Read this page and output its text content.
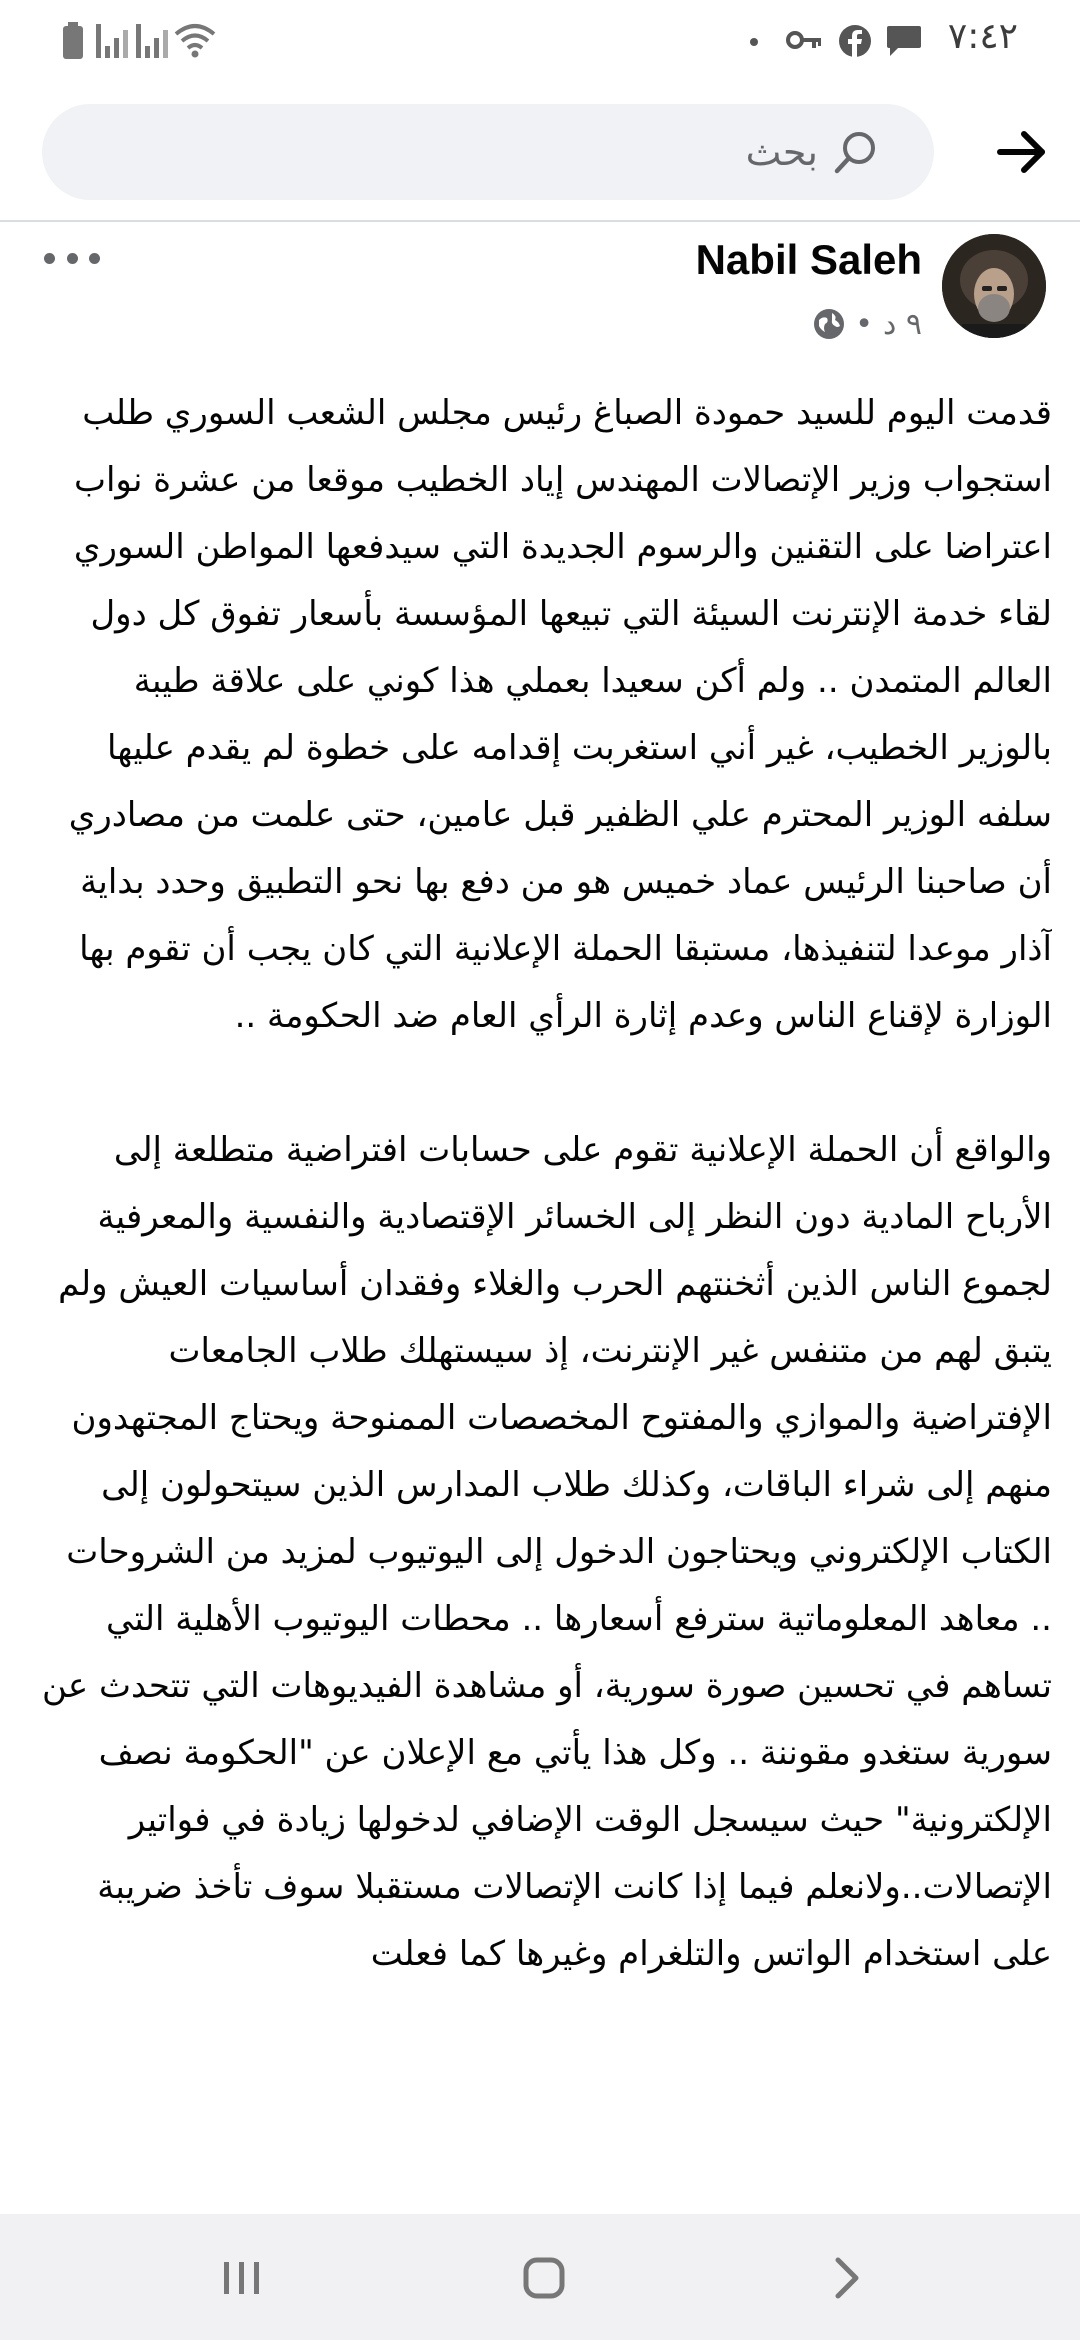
٧:٤٢
بحث
Nabil Saleh
٩ د
•

قدمت اليوم للسيد حمودة الصباغ رئيس مجلس الشعب السوري طلب استجواب وزير الإتصالات المهندس إياد الخطيب موقعا من عشرة نواب اعتراضا على التقنين والرسوم الجديدة التي سيدفعها المواطن السوري لقاء خدمة الإنترنت السيئة التي تبيعها المؤسسة بأسعار تفوق كل دول العالم المتمدن .. ولم أكن سعيدا بعملي هذا كوني على علاقة طيبة بالوزير الخطيب، غير أني استغربت إقدامه على خطوة لم يقدم عليها سلفه الوزير المحترم علي الظفير قبل عامين، حتى علمت من مصادري أن صاحبنا الرئيس عماد خميس هو من دفع بها نحو التطبيق وحدد بداية آذار موعدا لتنفيذها، مستبقا الحملة الإعلانية التي كان يجب أن تقوم بها الوزارة لإقناع الناس وعدم إثارة الرأي العام ضد الحكومة ..

والواقع أن الحملة الإعلانية تقوم على حسابات افتراضية متطلعة إلى الأرباح المادية دون النظر إلى الخسائر الإقتصادية والنفسية والمعرفية لجموع الناس الذين أثخنتهم الحرب والغلاء وفقدان أساسيات العيش ولم يتبق لهم من متنفس غير الإنترنت، إذ سيستهلك طلاب الجامعات الإفتراضية والموازي والمفتوح المخصصات الممنوحة ويحتاج المجتهدون منهم إلى شراء الباقات، وكذلك طلاب المدارس الذين سيتحولون إلى الكتاب الإلكتروني ويحتاجون الدخول إلى اليوتيوب لمزيد من الشروحات .. معاهد المعلوماتية سترفع أسعارها .. محطات اليوتيوب الأهلية التي تساهم في تحسين صورة سورية، أو مشاهدة الفيديوهات التي تتحدث عن سورية ستغدو مقوننة .. وكل هذا يأتي مع الإعلان عن "الحكومة نصف الإلكترونية" حيث سيسجل الوقت الإضافي لدخولها زيادة في فواتير الإتصالات..ولانعلم فيما إذا كانت الإتصالات مستقبلا سوف تأخذ ضريبة على استخدام الواتس والتلغرام وغيرها كما فعلت
